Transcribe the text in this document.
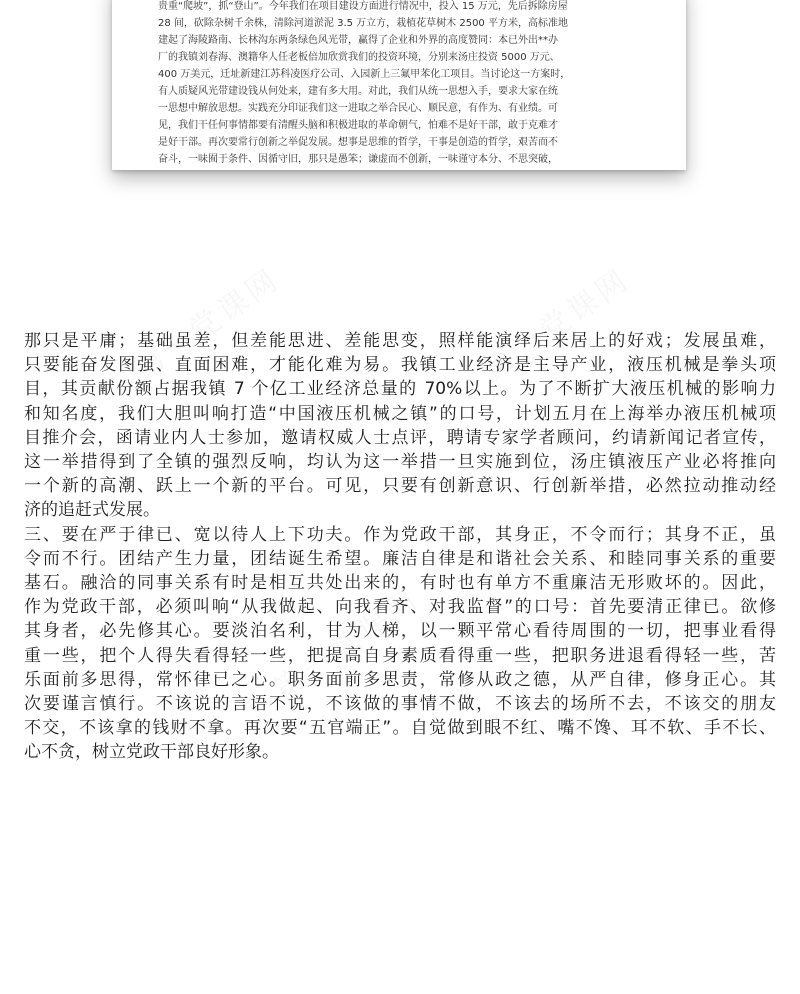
贵重“爬坡”，抓“登山”。今年我们在项目建设方面进行情况中，投入 15 万元，先后拆除房屋
28 间，砍除杂树千余株，清除河道淤泥 3.5 万立方，栽植花草树木 2500 平方米，高标准地
建起了海陵路南、长林沟东两条绿色风光带，赢得了企业和外界的高度赞同：本已外出**办
厂的我镇刘春海、澳籍华人任老板倍加欣赏我们的投资环境，分别来汤庄投资 5000 万元、
400 万美元，迁址新建江苏科凌医疗公司、入园新上三氟甲苯化工项目。当讨论这一方案时，
有人质疑风光带建设钱从何处来，建有多大用。对此，我们从统一思想入手，要求大家在统
一思想中解放思想。实践充分印证我们这一进取之举合民心、顺民意，有作为、有业绩。可
见，我们干任何事情都要有清醒头脑和积极进取的革命朝气，怕难不是好干部，敢于克难才
是好干部。再次要常行创新之举促发展。想事是思维的哲学，干事是创造的哲学，艰苦而不
奋斗，一味囿于条件、因循守旧，那只是愚笨；谦虚而不创新，一味谨守本分、不思突破，
那只是平庸；基础虽差，但差能思进、差能思变，照样能演绎后来居上的好戏；发展虽难，
只要能奋发图强、直面困难，才能化难为易。我镇工业经济是主导产业，液压机械是拳头项
目，其贡献份额占据我镇 7 个亿工业经济总量的 70%以上。为了不断扩大液压机械的影响力
和知名度，我们大胆叫响打造“中国液压机械之镇”的口号，计划五月在上海举办液压机械项
目推介会，函请业内人士参加，邀请权威人士点评，聘请专家学者顾问，约请新闻记者宣传，
这一举措得到了全镇的强烈反响，均认为这一举措一旦实施到位，汤庄镇液压产业必将推向
一个新的高潮、跃上一个新的平台。可见，只要有创新意识、行创新举措，必然拉动推动经
济的追赶式发展。
三、要在严于律已、宽以待人上下功夫。作为党政干部，其身正，不令而行；其身不正，虽
令而不行。团结产生力量，团结诞生希望。廉洁自律是和谐社会关系、和睦同事关系的重要
基石。融洽的同事关系有时是相互共处出来的，有时也有单方不重廉洁无形败坏的。因此，
作为党政干部，必须叫响“从我做起、向我看齐、对我监督”的口号：首先要清正律已。欲修
其身者，必先修其心。要淡泊名利，甘为人梯，以一颗平常心看待周围的一切，把事业看得
重一些，把个人得失看得轻一些，把提高自身素质看得重一些，把职务进退看得轻一些，苦
乐面前多思得，常怀律已之心。职务面前多思责，常修从政之德，从严自律，修身正心。其
次要谨言慎行。不该说的言语不说，不该做的事情不做，不该去的场所不去，不该交的朋友
不交，不该拿的钱财不拿。再次要“五官端正”。自觉做到眼不红、嘴不馋、耳不软、手不长、
心不贪，树立党政干部良好形象。
